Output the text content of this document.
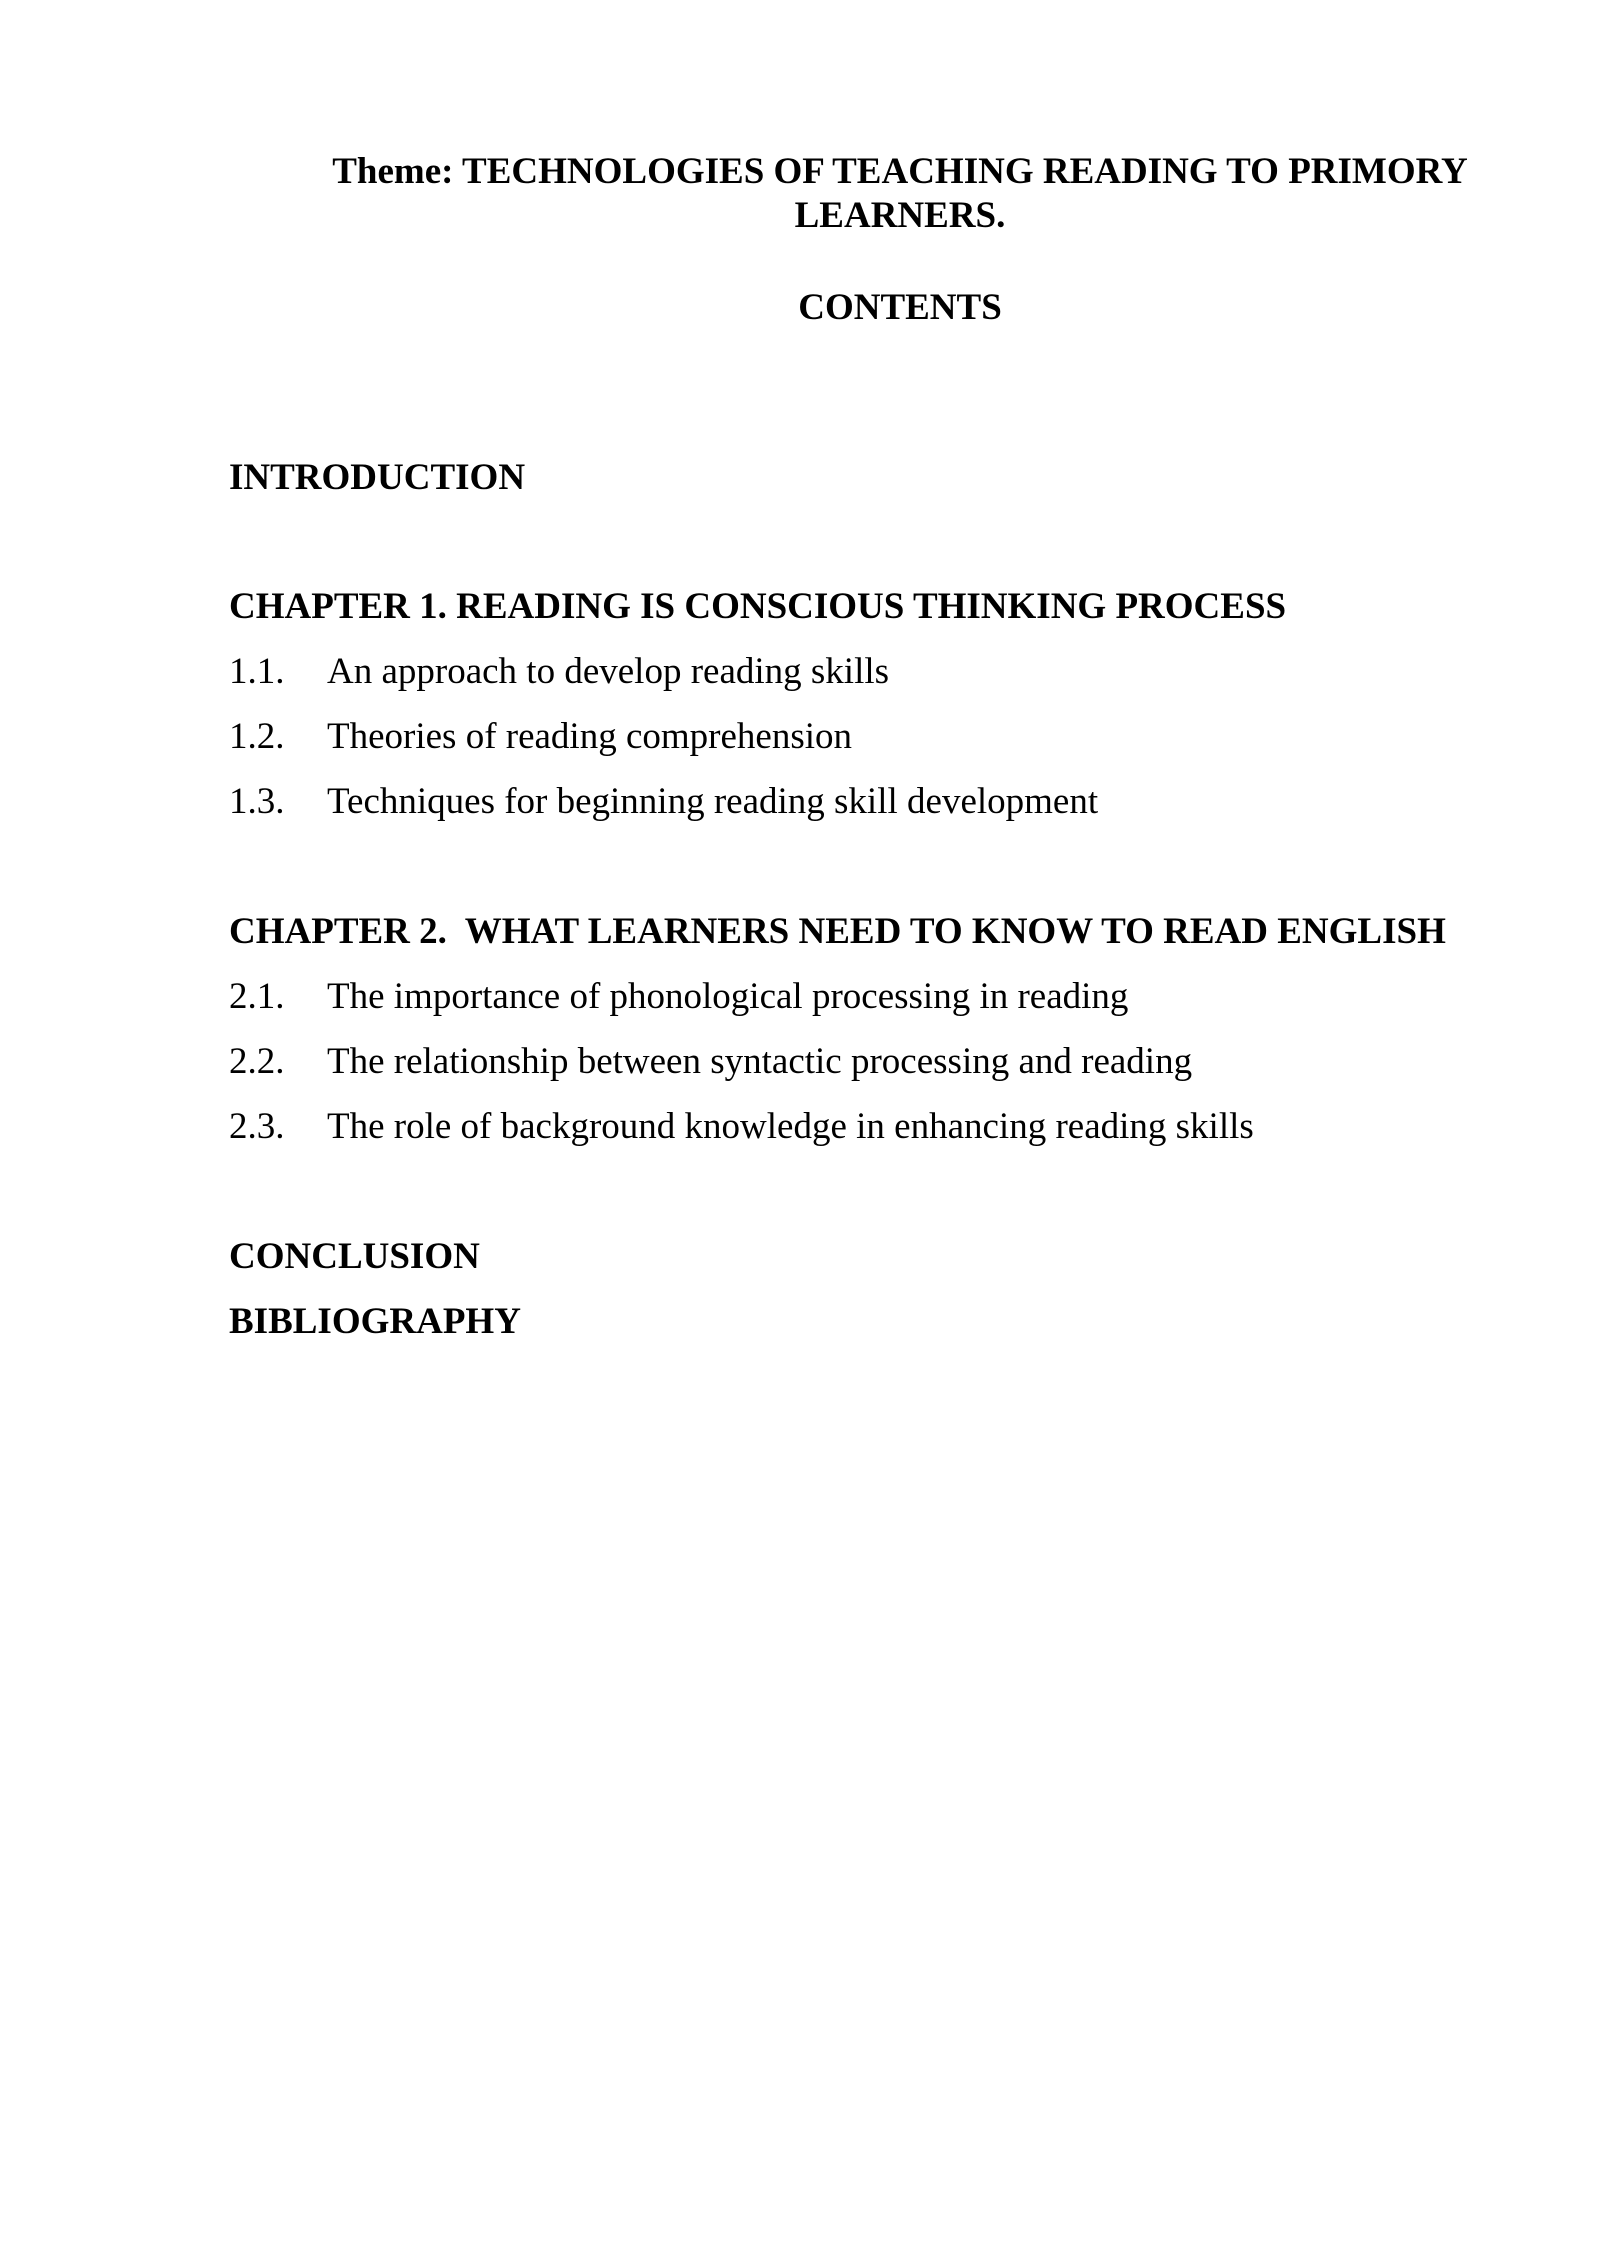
Theme: TECHNOLOGIES OF TEACHING READING TO PRIMORY LEARNERS.
CONTENTS
INTRODUCTION
CHAPTER 1. READING IS CONSCIOUS THINKING PROCESS
1.1. An approach to develop reading skills
1.2. Theories of reading comprehension
1.3. Techniques for beginning reading skill development
CHAPTER 2.  WHAT LEARNERS NEED TO KNOW TO READ ENGLISH
2.1. The importance of phonological processing in reading
2.2. The relationship between syntactic processing and reading
2.3. The role of background knowledge in enhancing reading skills
CONCLUSION
BIBLIOGRAPHY
